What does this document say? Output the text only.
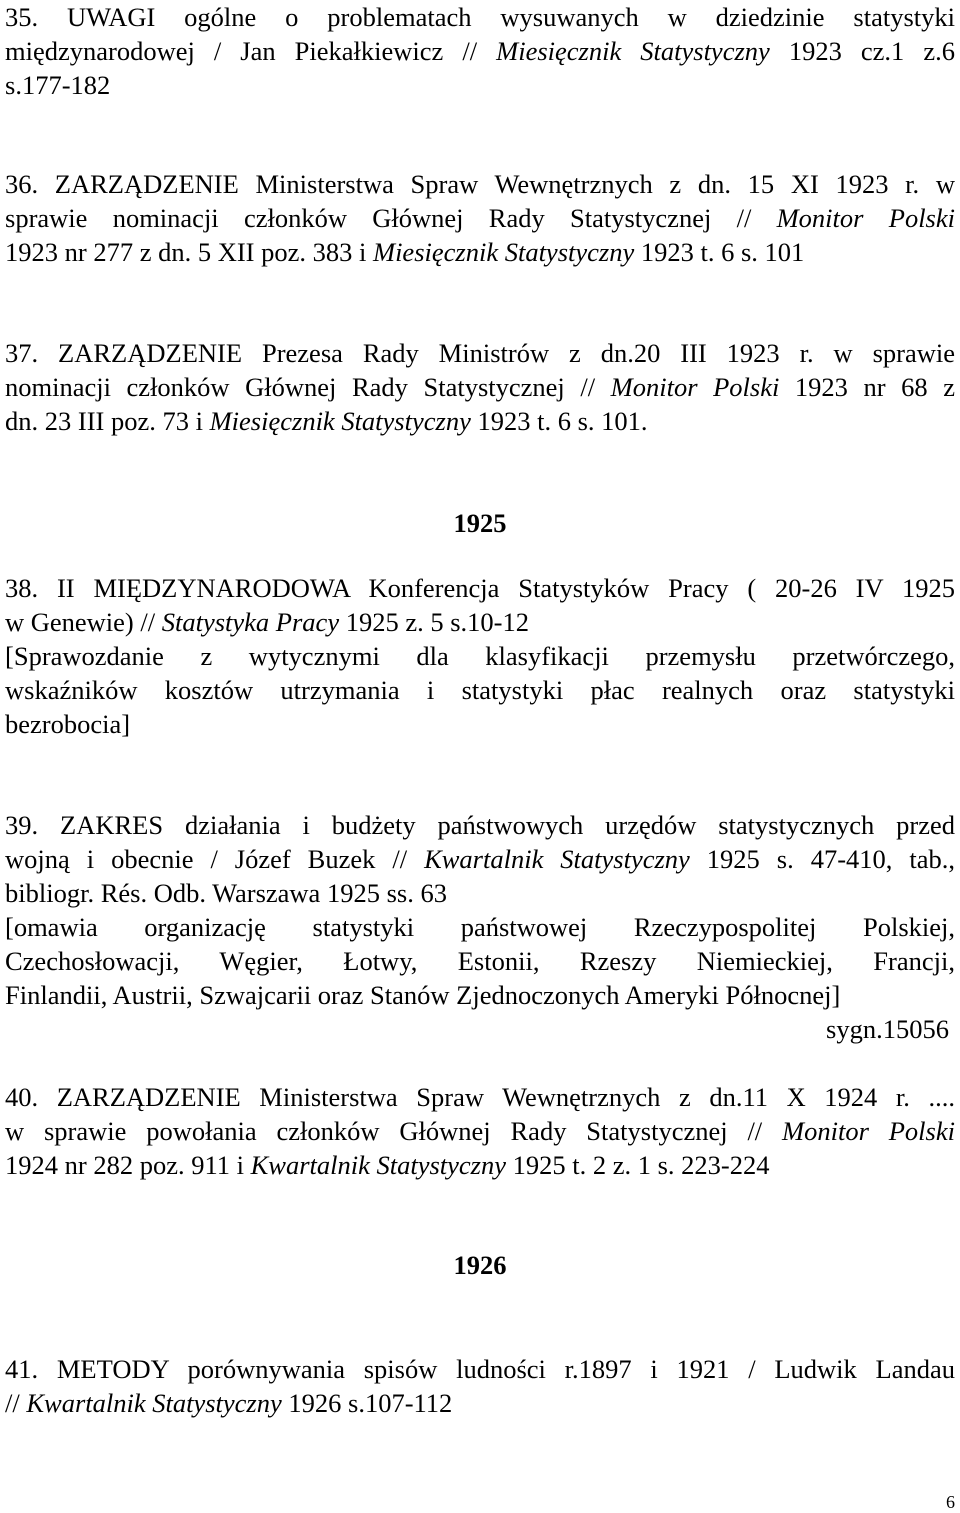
35. UWAGI ogólne o problematach wysuwanych w dziedzinie statystyki
międzynarodowej / Jan Piekałkiewicz // Miesięcznik Statystyczny 1923 cz.1 z.6
s.177-182
36. ZARZĄDZENIE Ministerstwa Spraw Wewnętrznych z dn. 15 XI 1923 r. w
sprawie nominacji członków Głównej Rady Statystycznej // Monitor Polski
1923 nr 277 z dn. 5 XII poz. 383 i Miesięcznik Statystyczny 1923 t. 6 s. 101
37. ZARZĄDZENIE Prezesa Rady Ministrów z dn.20 III 1923 r. w sprawie
nominacji członków Głównej Rady Statystycznej // Monitor Polski 1923 nr 68 z
dn. 23 III poz. 73 i Miesięcznik Statystyczny 1923 t. 6 s. 101.
1925
38. II MIĘDZYNARODOWA Konferencja Statystyków Pracy ( 20-26 IV 1925
w Genewie) // Statystyka Pracy 1925 z. 5 s.10-12
[Sprawozdanie z wytycznymi dla klasyfikacji przemysłu przetwórczego,
wskaźników kosztów utrzymania i statystyki płac realnych oraz statystyki
bezrobocia]
39. ZAKRES działania i budżety państwowych urzędów statystycznych przed
wojną i obecnie / Józef Buzek // Kwartalnik Statystyczny 1925 s. 47-410, tab.,
bibliogr. Rés. Odb. Warszawa 1925 ss. 63
[omawia organizację statystyki państwowej Rzeczypospolitej Polskiej,
Czechosłowacji, Węgier, Łotwy, Estonii, Rzeszy Niemieckiej, Francji,
Finlandii, Austrii, Szwajcarii oraz Stanów Zjednoczonych Ameryki Północnej]
sygn.15056
40. ZARZĄDZENIE Ministerstwa Spraw Wewnętrznych z dn.11 X 1924 r. ....
w sprawie powołania członków Głównej Rady Statystycznej // Monitor Polski
1924 nr 282 poz. 911 i Kwartalnik Statystyczny 1925 t. 2 z. 1 s. 223-224
1926
41. METODY porównywania spisów ludności r.1897 i 1921 / Ludwik Landau
// Kwartalnik Statystyczny 1926 s.107-112
6
